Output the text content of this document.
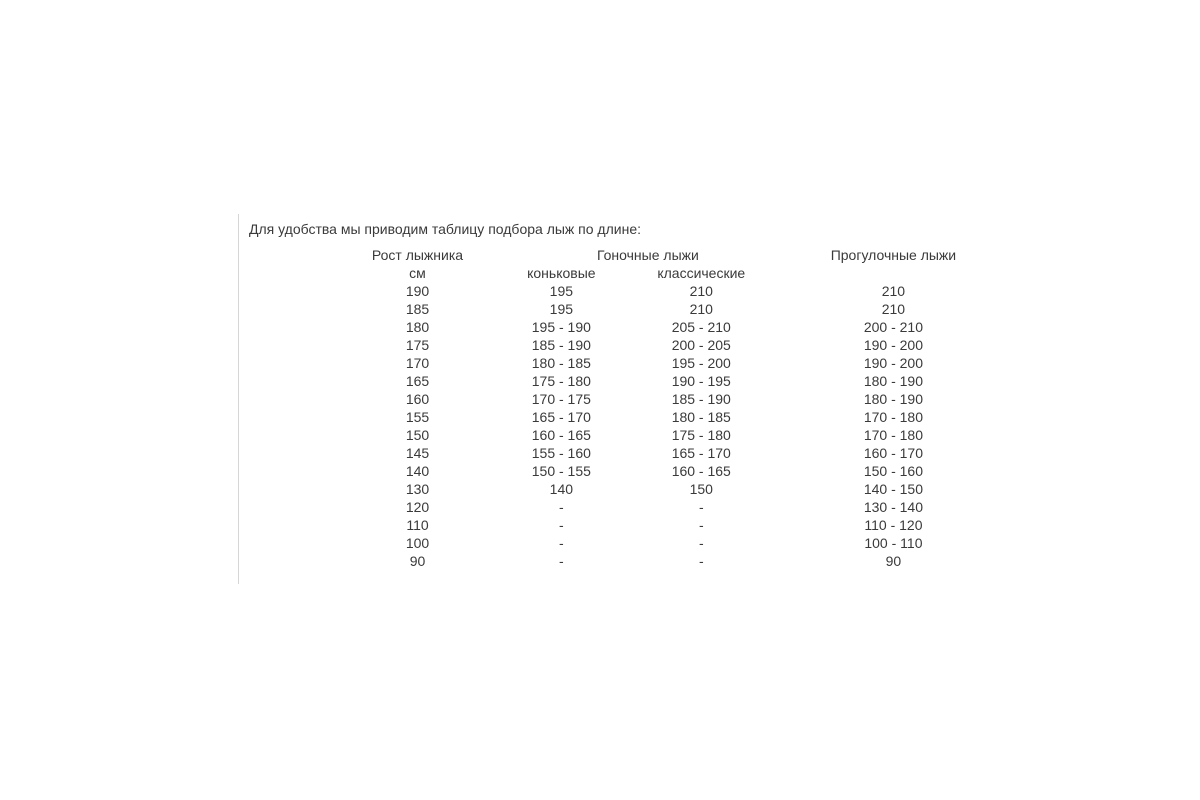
Для удобства мы приводим таблицу подбора лыж по длине:
Рост лыжника	Гоночные лыжи		Прогулочные лыжи
см	коньковые	классические	
190	195	210	210
185	195	210	210
180	195 - 190	205 - 210	200 - 210
175	185 - 190	200 - 205	190 - 200
170	180 - 185	195 - 200	190 - 200
165	175 - 180	190 - 195	180 - 190
160	170 - 175	185 - 190	180 - 190
155	165 - 170	180 - 185	170 - 180
150	160 - 165	175 - 180	170 - 180
145	155 - 160	165 - 170	160 - 170
140	150 - 155	160 - 165	150 - 160
130	140	150	140 - 150
120	-	-	130 - 140
110	-	-	110 - 120
100	-	-	100 - 110
90	-	-	90
